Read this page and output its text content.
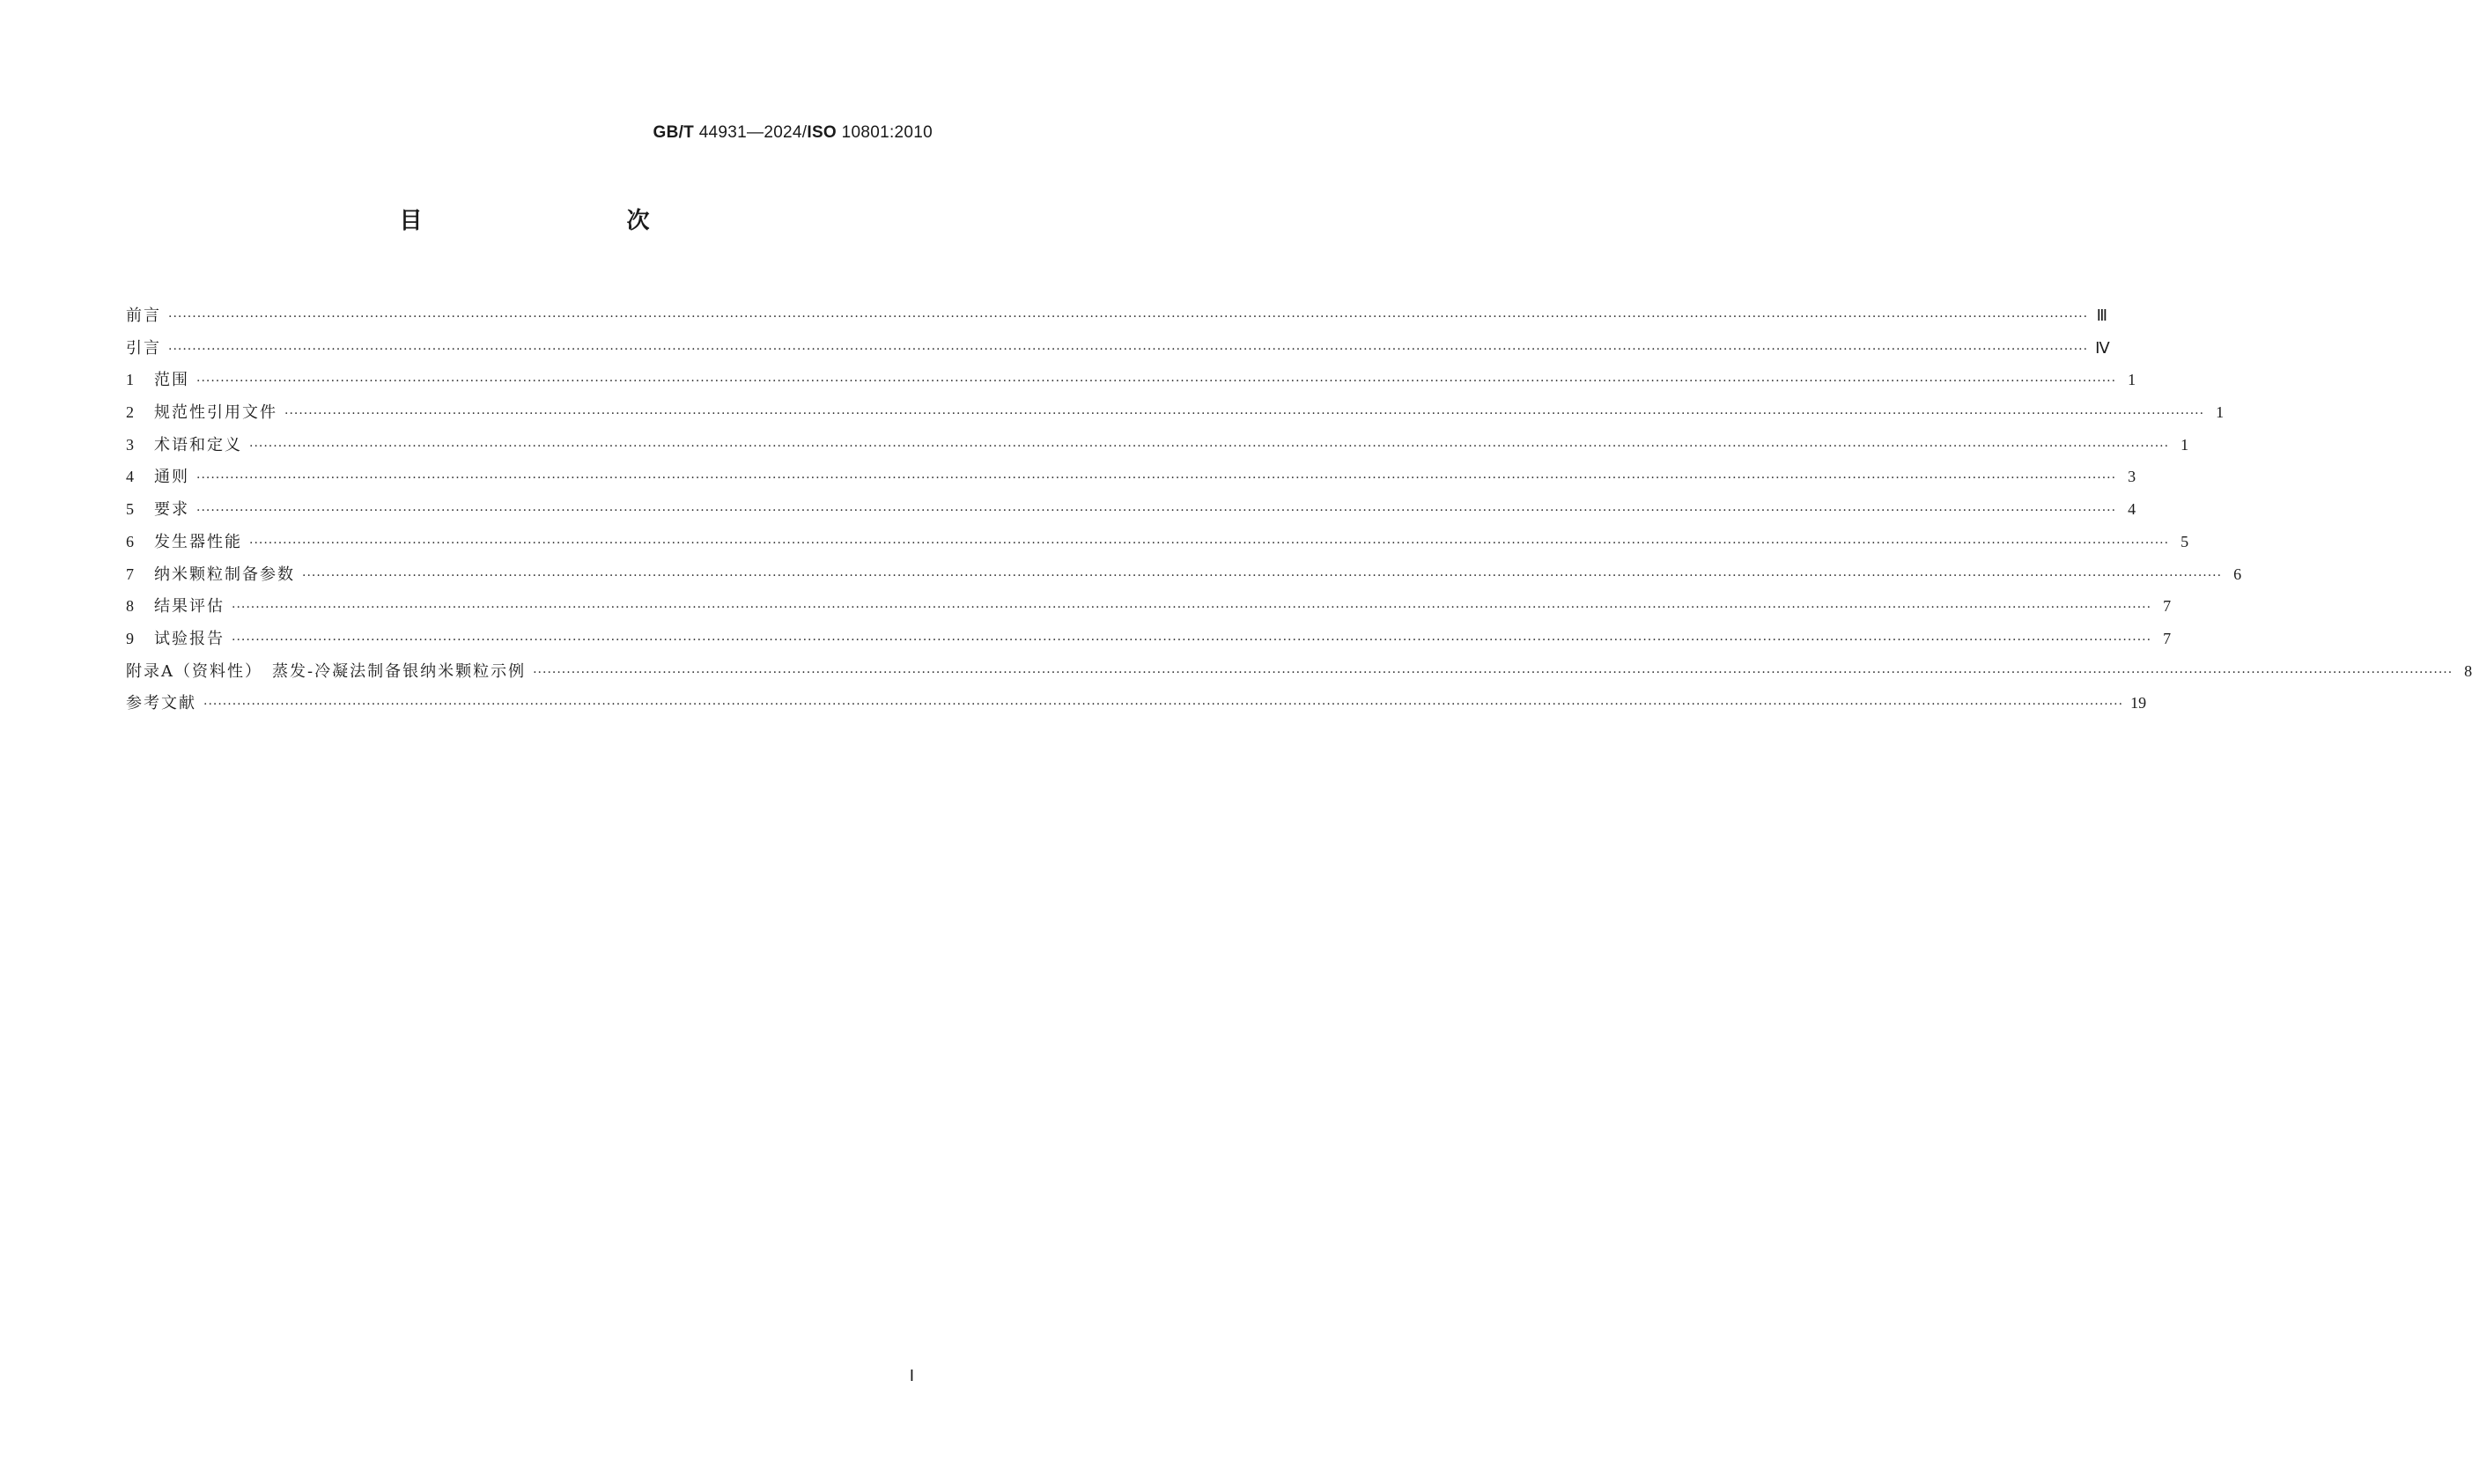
GB/T 44931—2024/ISO 10801:2010
目　　次
前言 ················································································································································································································································································································································································································ Ⅲ
引言 ················································································································································································································································································································································································································ Ⅳ
1	范围 ················································································································································································································································································································································································································ 1
2	规范性引用文件 ················································································································································································································································································································································································································ 1
3	术语和定义 ················································································································································································································································································································································································································ 1
4	通则 ················································································································································································································································································································································································································ 3
5	要求 ················································································································································································································································································································································································································ 4
6	发生器性能 ················································································································································································································································································································································································································ 5
7	纳米颗粒制备参数 ················································································································································································································································································································································································································ 6
8	结果评估 ················································································································································································································································································································································································································ 7
9	试验报告 ················································································································································································································································································································································································································ 7
附录A（资料性）　蒸发-冷凝法制备银纳米颗粒示例 ················································································································································································································································································································································································································ 8
参考文献 ················································································································································································································································································································································································································ 19
Ⅰ
